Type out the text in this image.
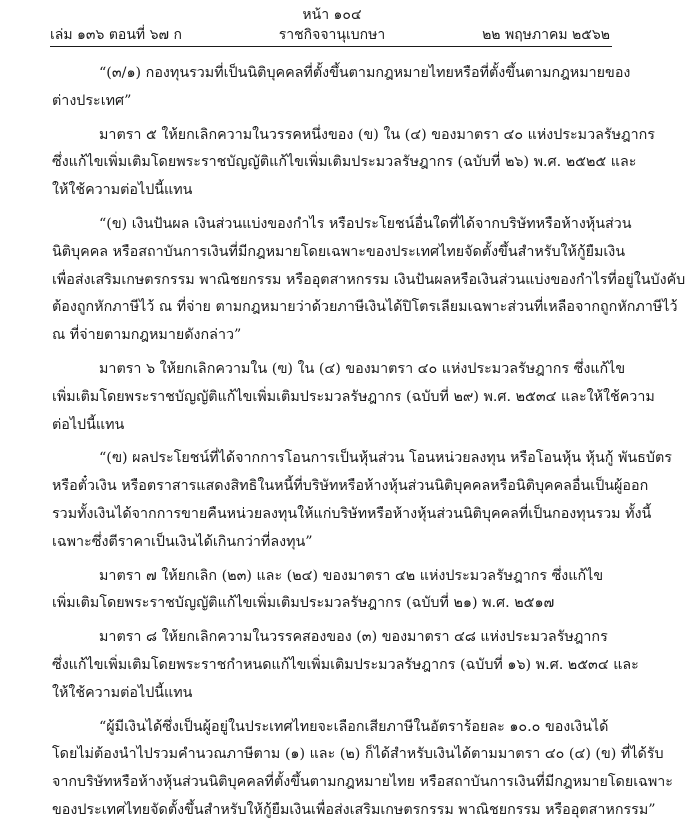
หน้า ๑๐๔
เล่ม ๑๓๖ ตอนที่ ๖๗ ก	ราชกิจจานุเบกษา	๒๒ พฤษภาคม ๒๕๖๒
“(๓/๑) กองทุนรวมที่เป็นนิติบุคคลที่ตั้งขึ้นตามกฎหมายไทยหรือที่ตั้งขึ้นตามกฎหมายของ
ต่างประเทศ”
มาตรา ๕ ให้ยกเลิกความในวรรคหนึ่งของ (ข) ใน (๔) ของมาตรา ๔๐ แห่งประมวลรัษฎากร
ซึ่งแก้ไขเพิ่มเติมโดยพระราชบัญญัติแก้ไขเพิ่มเติมประมวลรัษฎากร (ฉบับที่ ๒๖) พ.ศ. ๒๕๒๕ และ
ให้ใช้ความต่อไปนี้แทน
“(ข) เงินปันผล เงินส่วนแบ่งของกำไร หรือประโยชน์อื่นใดที่ได้จากบริษัทหรือห้างหุ้นส่วน
นิติบุคคล หรือสถาบันการเงินที่มีกฎหมายโดยเฉพาะของประเทศไทยจัดตั้งขึ้นสำหรับให้กู้ยืมเงิน
เพื่อส่งเสริมเกษตรกรรม พาณิชยกรรม หรืออุตสาหกรรม เงินปันผลหรือเงินส่วนแบ่งของกำไรที่อยู่ในบังคับ
ต้องถูกหักภาษีไว้ ณ ที่จ่าย ตามกฎหมายว่าด้วยภาษีเงินได้ปิโตรเลียมเฉพาะส่วนที่เหลือจากถูกหักภาษีไว้
ณ ที่จ่ายตามกฎหมายดังกล่าว”
มาตรา ๖ ให้ยกเลิกความใน (ฃ) ใน (๔) ของมาตรา ๔๐ แห่งประมวลรัษฎากร ซึ่งแก้ไข
เพิ่มเติมโดยพระราชบัญญัติแก้ไขเพิ่มเติมประมวลรัษฎากร (ฉบับที่ ๒๙) พ.ศ. ๒๕๓๔ และให้ใช้ความ
ต่อไปนี้แทน
“(ฃ) ผลประโยชน์ที่ได้จากการโอนการเป็นหุ้นส่วน โอนหน่วยลงทุน หรือโอนหุ้น หุ้นกู้ พันธบัตร
หรือตั๋วเงิน หรือตราสารแสดงสิทธิในหนี้ที่บริษัทหรือห้างหุ้นส่วนนิติบุคคลหรือนิติบุคคลอื่นเป็นผู้ออก
รวมทั้งเงินได้จากการขายคืนหน่วยลงทุนให้แก่บริษัทหรือห้างหุ้นส่วนนิติบุคคลที่เป็นกองทุนรวม ทั้งนี้
เฉพาะซึ่งตีราคาเป็นเงินได้เกินกว่าที่ลงทุน”
มาตรา ๗ ให้ยกเลิก (๒๓) และ (๒๔) ของมาตรา ๔๒ แห่งประมวลรัษฎากร ซึ่งแก้ไข
เพิ่มเติมโดยพระราชบัญญัติแก้ไขเพิ่มเติมประมวลรัษฎากร (ฉบับที่ ๒๑) พ.ศ. ๒๕๑๗
มาตรา ๘ ให้ยกเลิกความในวรรคสองของ (๓) ของมาตรา ๔๘ แห่งประมวลรัษฎากร
ซึ่งแก้ไขเพิ่มเติมโดยพระราชกำหนดแก้ไขเพิ่มเติมประมวลรัษฎากร (ฉบับที่ ๑๖) พ.ศ. ๒๕๓๔ และ
ให้ใช้ความต่อไปนี้แทน
“ผู้มีเงินได้ซึ่งเป็นผู้อยู่ในประเทศไทยจะเลือกเสียภาษีในอัตราร้อยละ ๑๐.๐ ของเงินได้
โดยไม่ต้องนำไปรวมคำนวณภาษีตาม (๑) และ (๒) ก็ได้สำหรับเงินได้ตามมาตรา ๔๐ (๔) (ข) ที่ได้รับ
จากบริษัทหรือห้างหุ้นส่วนนิติบุคคลที่ตั้งขึ้นตามกฎหมายไทย หรือสถาบันการเงินที่มีกฎหมายโดยเฉพาะ
ของประเทศไทยจัดตั้งขึ้นสำหรับให้กู้ยืมเงินเพื่อส่งเสริมเกษตรกรรม พาณิชยกรรม หรืออุตสาหกรรม”
